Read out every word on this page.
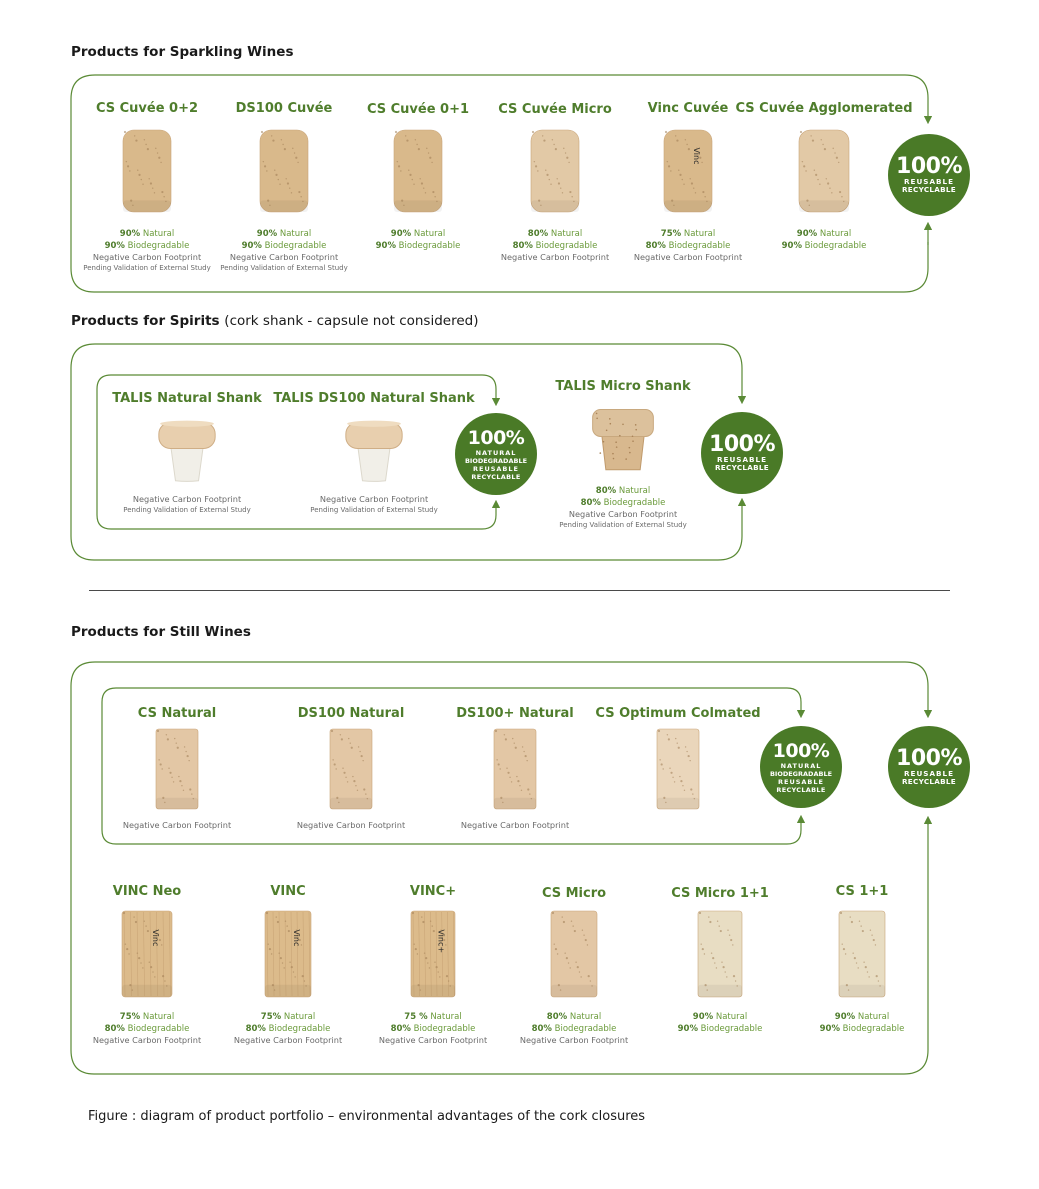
Products for Sparkling Wines
Products for Spirits (cork shank - capsule not considered)
Products for Still Wines
100%
REUSABLE
RECYCLABLE
100%
NATURAL
BIODEGRADABLE
REUSABLE
RECYCLABLE
100%
REUSABLE
RECYCLABLE
100%
NATURAL
BIODEGRADABLE
REUSABLE
RECYCLABLE
100%
REUSABLE
RECYCLABLE
CS Cuvée 0+2
90% Natural
90% Biodegradable
Negative Carbon Footprint
Pending Validation of External Study
DS100 Cuvée
90% Natural
90% Biodegradable
Negative Carbon Footprint
Pending Validation of External Study
CS Cuvée 0+1
90% Natural
90% Biodegradable
CS Cuvée Micro
80% Natural
80% Biodegradable
Negative Carbon Footprint
Vinc Cuvée
Vinc
75% Natural
80% Biodegradable
Negative Carbon Footprint
CS Cuvée Agglomerated
90% Natural
90% Biodegradable
TALIS Natural Shank
Negative Carbon Footprint
Pending Validation of External Study
TALIS DS100 Natural Shank
Negative Carbon Footprint
Pending Validation of External Study
TALIS Micro Shank
80% Natural
80% Biodegradable
Negative Carbon Footprint
Pending Validation of External Study
CS Natural
Negative Carbon Footprint
DS100 Natural
Negative Carbon Footprint
DS100+ Natural
Negative Carbon Footprint
CS Optimum Colmated
VINC Neo
Vinc
75% Natural
80% Biodegradable
Negative Carbon Footprint
VINC
Vinc
75% Natural
80% Biodegradable
Negative Carbon Footprint
VINC+
Vinc+
75 % Natural
80% Biodegradable
Negative Carbon Footprint
CS Micro
80% Natural
80% Biodegradable
Negative Carbon Footprint
CS Micro 1+1
90% Natural
90% Biodegradable
CS 1+1
90% Natural
90% Biodegradable
Figure : diagram of product portfolio – environmental advantages of the cork closures
